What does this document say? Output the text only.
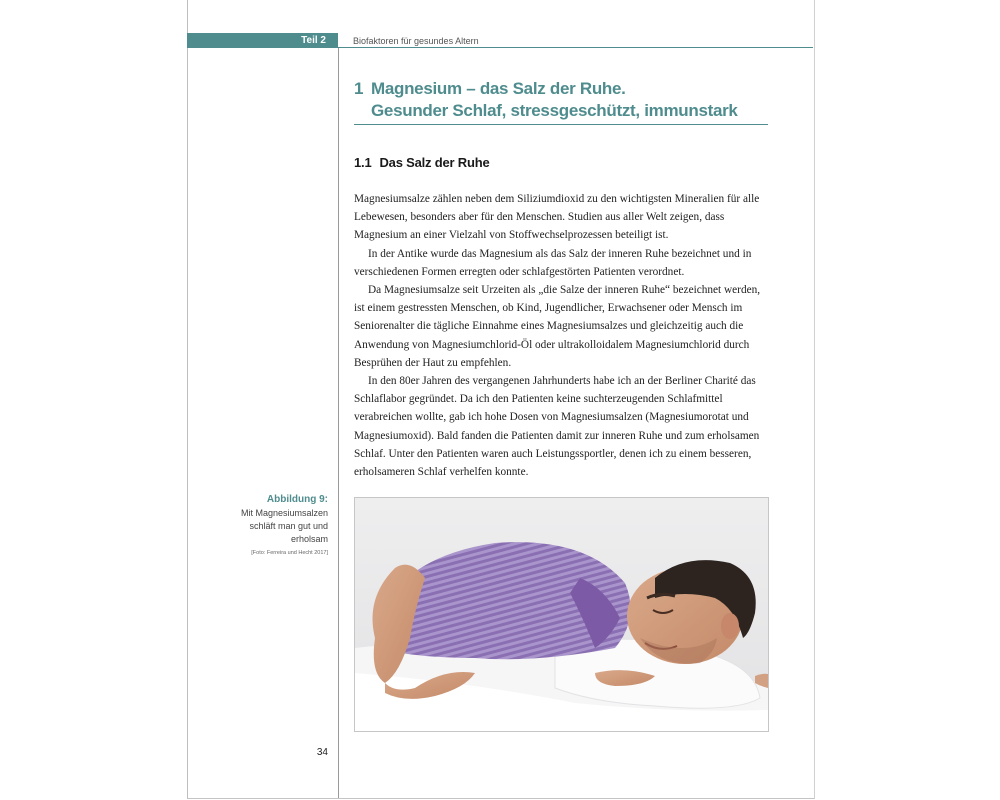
Teil 2	Biofaktoren für gesundes Altern
1 Magnesium – das Salz der Ruhe.
Gesunder Schlaf, stressgeschützt, immunstark
1.1 Das Salz der Ruhe

Magnesiumsalze zählen neben dem Siliziumdioxid zu den wichtigsten Mineralien für alle Lebewesen, besonders aber für den Menschen. Studien aus aller Welt zeigen, dass Magnesium an einer Vielzahl von Stoffwechselprozessen beteiligt ist.

In der Antike wurde das Magnesium als das Salz der inneren Ruhe bezeichnet und in verschiedenen Formen erregten oder schlafgestörten Patienten verordnet.

Da Magnesiumsalze seit Urzeiten als „die Salze der inneren Ruhe“ bezeichnet werden, ist einem gestressten Menschen, ob Kind, Jugendlicher, Erwachsener oder Mensch im Seniorenalter die tägliche Einnahme eines Magnesiumsalzes und gleichzeitig auch die Anwendung von Magnesiumchlorid-Öl oder ultrakolloidalem Magnesiumchlorid durch Besprühen der Haut zu empfehlen.

In den 80er Jahren des vergangenen Jahrhunderts habe ich an der Berliner Charité das Schlaflabor gegründet. Da ich den Patienten keine suchterzeugenden Schlafmittel verabreichen wollte, gab ich hohe Dosen von Magnesiumsalzen (Magnesiumorotat und Magnesiumoxid). Bald fanden die Patienten damit zur inneren Ruhe und zum erholsamen Schlaf. Unter den Patienten waren auch Leistungssportler, denen ich zu einem besseren, erholsameren Schlaf verhelfen konnte.

Abbildung 9:
Mit Magnesiumsalzen
schläft man gut und
erholsam
[Foto: Ferreira und Hecht 2017]
34
